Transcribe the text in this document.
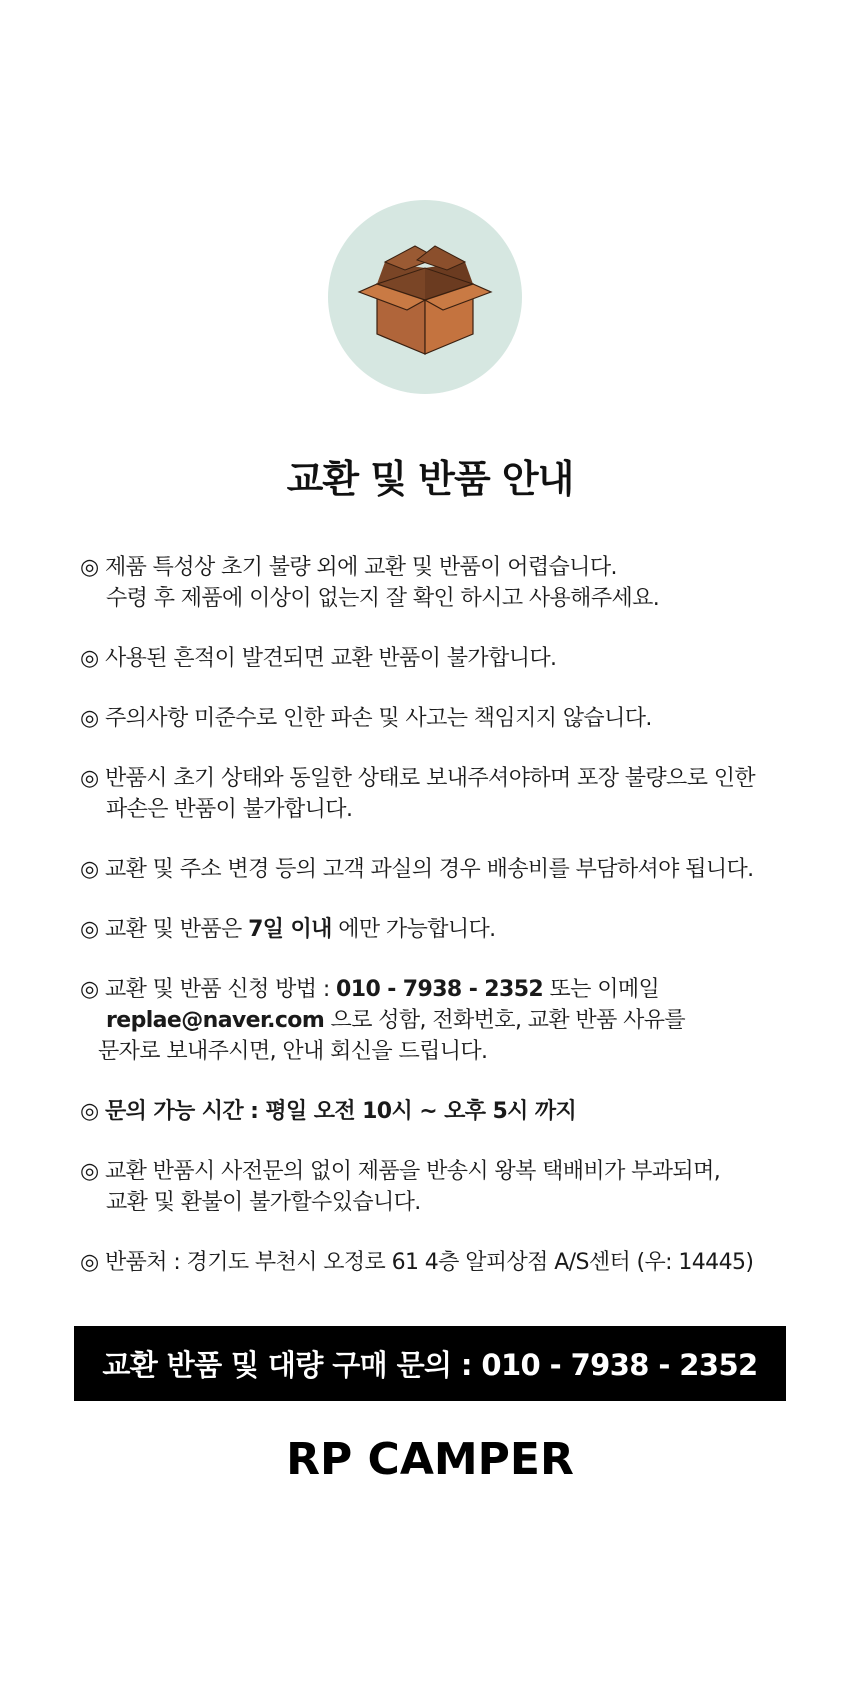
교환 및 반품 안내
◎ 제품 특성상 초기 불량 외에 교환 및 반품이 어렵습니다.
수령 후 제품에 이상이 없는지 잘 확인 하시고 사용해주세요.
◎ 사용된 흔적이 발견되면 교환 반품이 불가합니다.
◎ 주의사항 미준수로 인한 파손 및 사고는 책임지지 않습니다.
◎ 반품시 초기 상태와 동일한 상태로 보내주셔야하며 포장 불량으로 인한
파손은 반품이 불가합니다.
◎ 교환 및 주소 변경 등의 고객 과실의 경우 배송비를 부담하셔야 됩니다.
◎ 교환 및 반품은 7일 이내 에만 가능합니다.
◎ 교환 및 반품 신청 방법 : 010 - 7938 - 2352 또는 이메일
replae@naver.com 으로 성함, 전화번호, 교환 반품 사유를
문자로 보내주시면, 안내 회신을 드립니다.
◎ 문의 가능 시간 : 평일 오전 10시 ~ 오후 5시 까지
◎ 교환 반품시 사전문의 없이 제품을 반송시 왕복 택배비가 부과되며,
교환 및 환불이 불가할수있습니다.
◎ 반품처 : 경기도 부천시 오정로 61 4층 알피상점 A/S센터 (우: 14445)
교환 반품 및 대량 구매 문의 : 010 - 7938 - 2352
RP CAMPER
